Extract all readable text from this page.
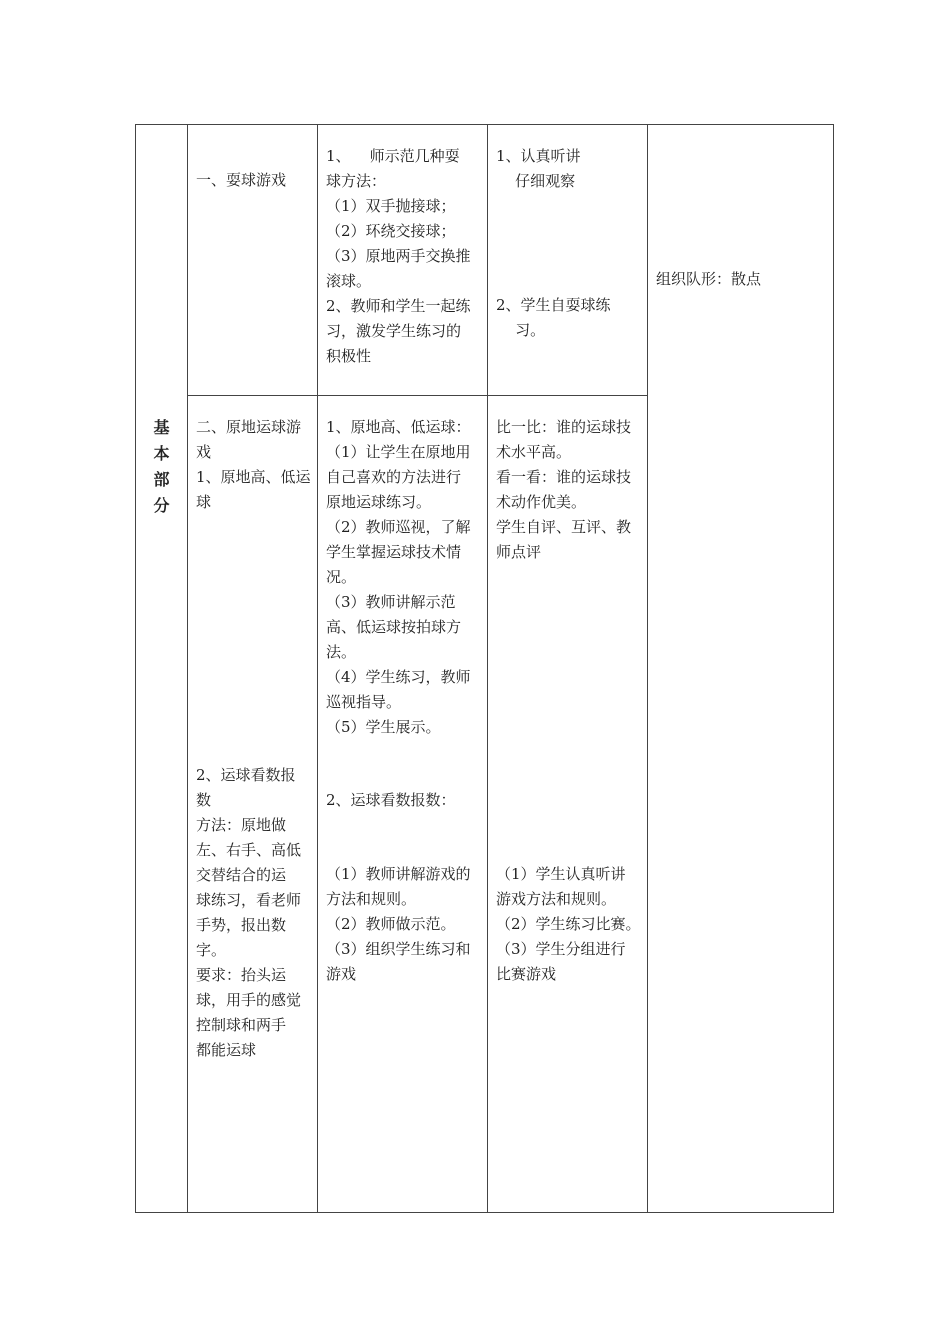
基
本
部
分

一、耍球游戏

1、    师示范几种耍

球方法：

（1）双手抛接球；

（2）环绕交接球；

（3）原地两手交换推

滚球。

2、教师和学生一起练

习，激发学生练习的

积极性

1、认真听讲

仔细观察

2、学生自耍球练

习。

组织队形：散点

二、原地运球游

戏

1、原地高、低运

球

2、运球看数报

数

方法：原地做

左、右手、高低

交替结合的运

球练习，看老师

手势，报出数

字。

要求：抬头运

球，用手的感觉

控制球和两手

都能运球

1、原地高、低运球：

（1）让学生在原地用

自己喜欢的方法进行

原地运球练习。

（2）教师巡视，了解

学生掌握运球技术情

况。

（3）教师讲解示范

高、低运球按拍球方

法。

（4）学生练习，教师

巡视指导。

（5）学生展示。

2、运球看数报数：

（1）教师讲解游戏的

方法和规则。

（2）教师做示范。

（3）组织学生练习和

游戏

比一比：谁的运球技

术水平高。

看一看：谁的运球技

术动作优美。

学生自评、互评、教

师点评

（1）学生认真听讲

游戏方法和规则。

（2）学生练习比赛。

（3）学生分组进行

比赛游戏
